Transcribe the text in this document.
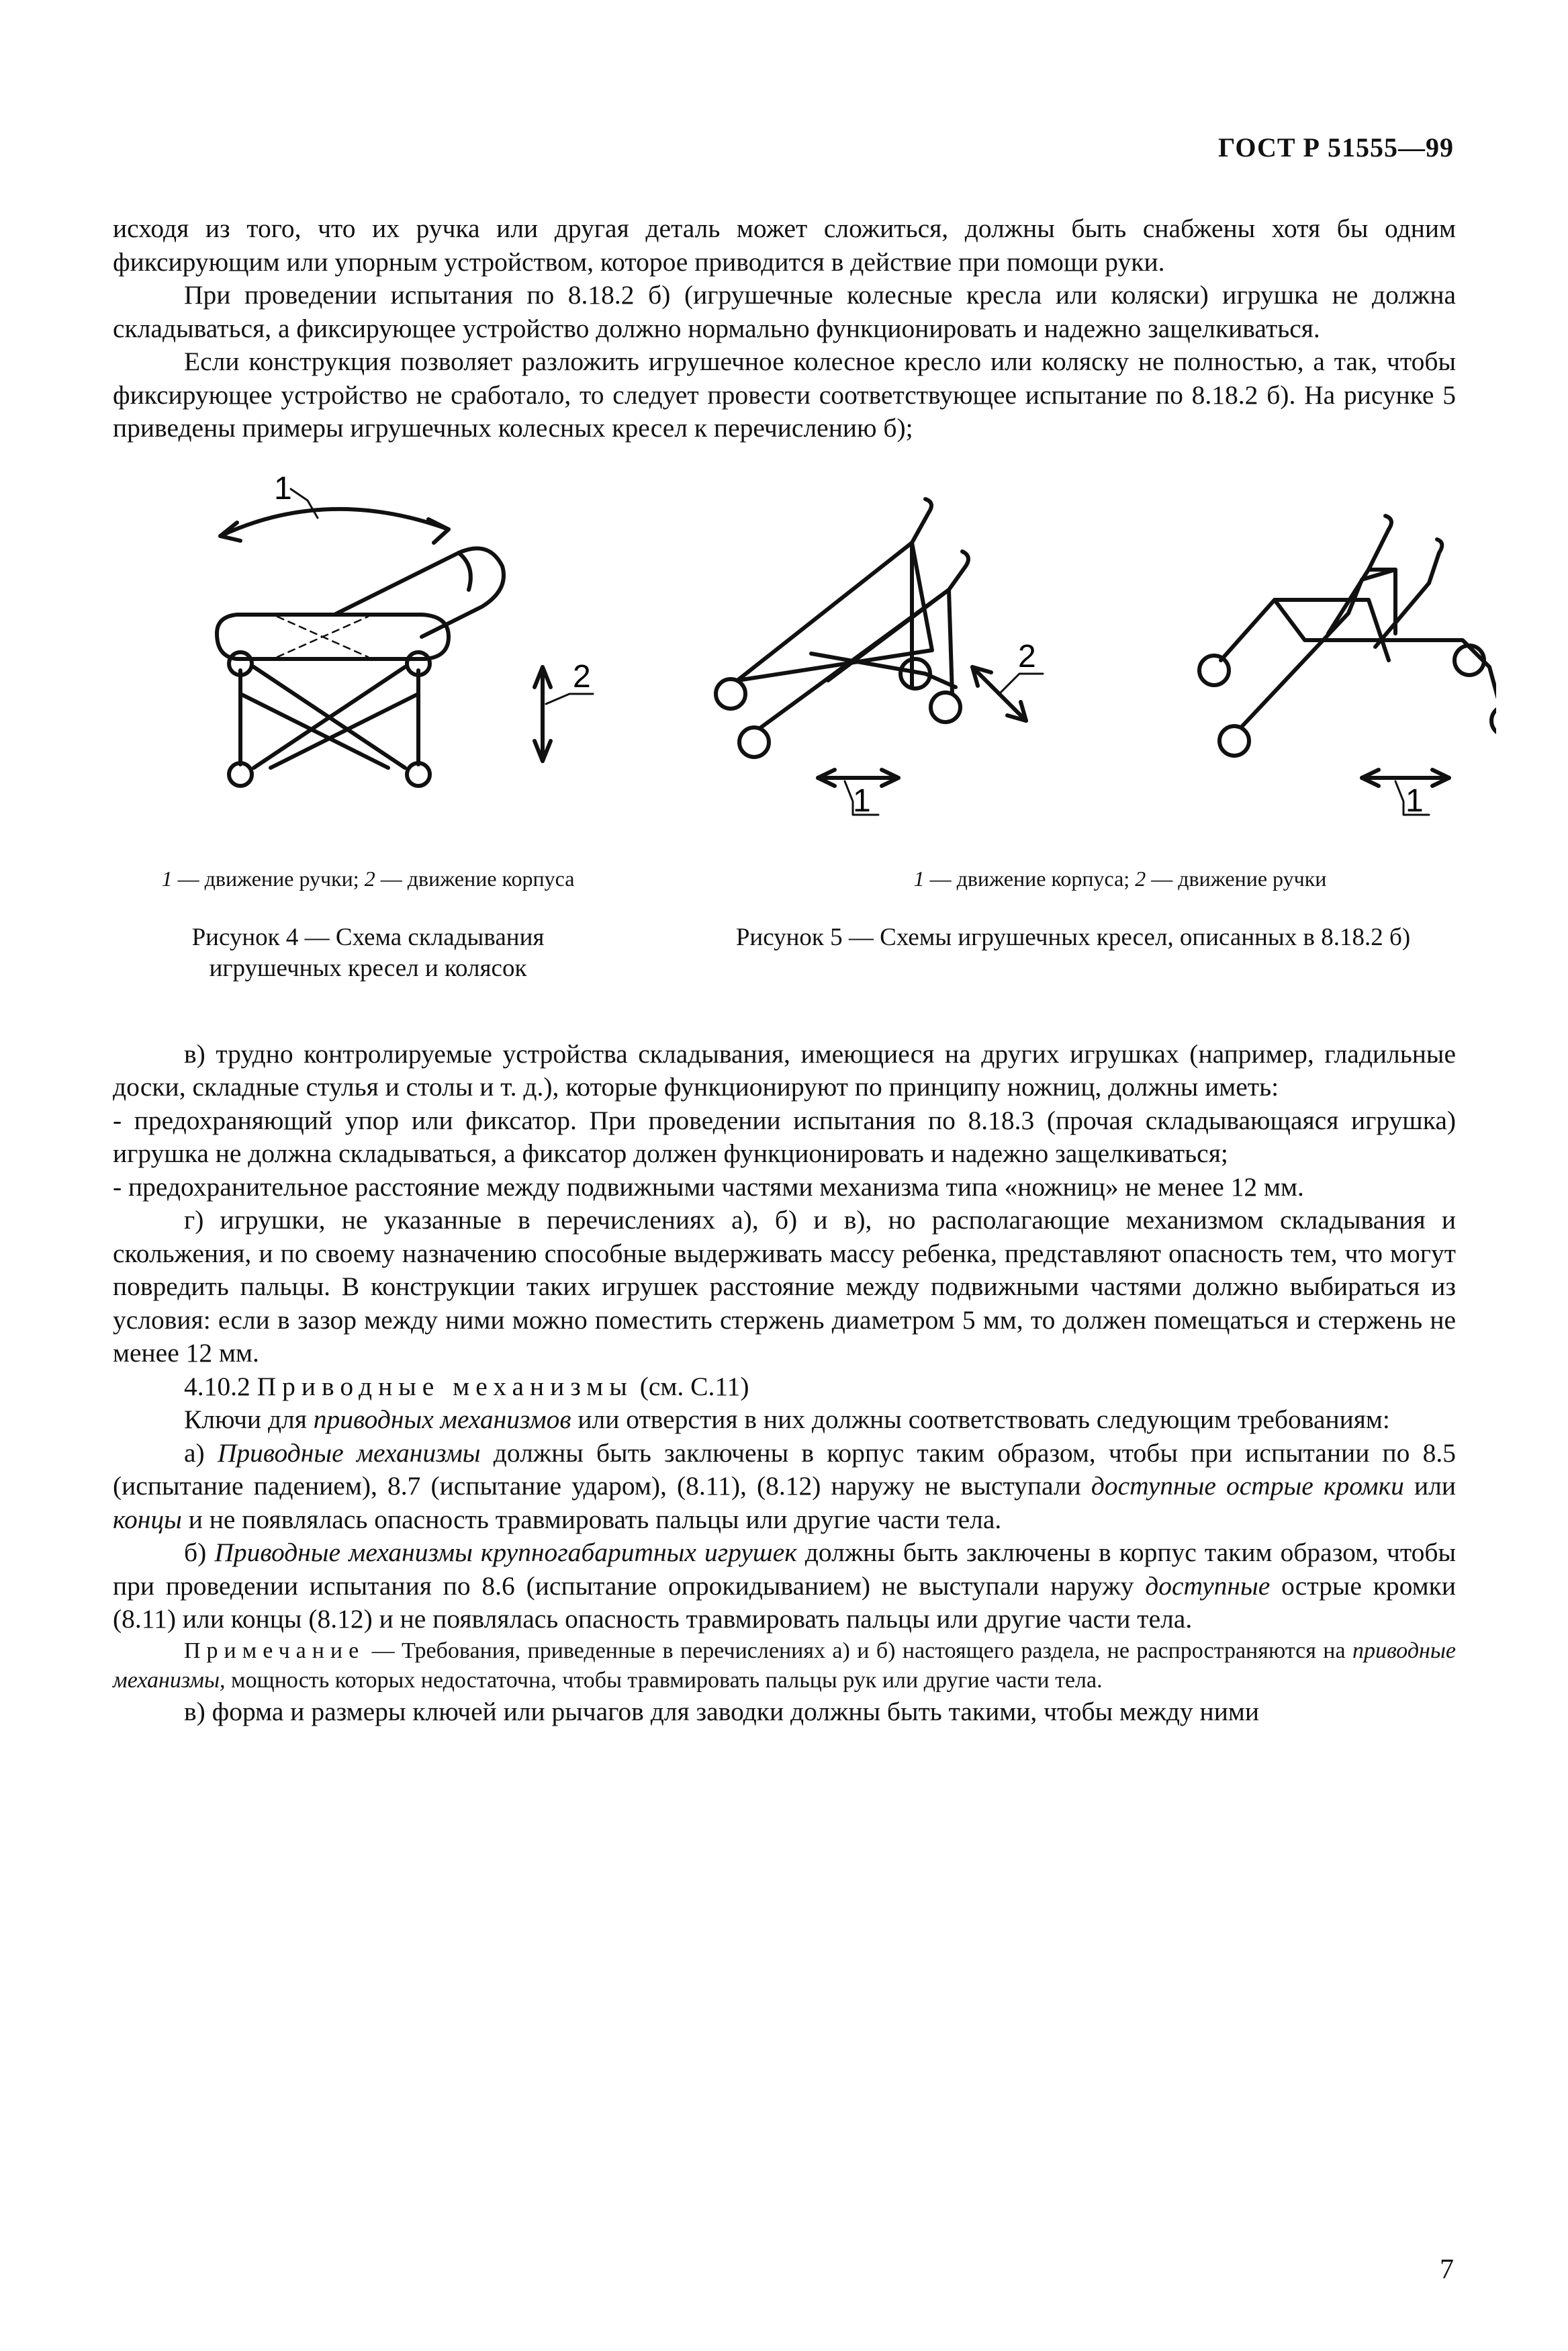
ГОСТ Р 51555—99

исходя из того, что их ручка или другая деталь может сложиться, должны быть снабжены хотя бы одним фиксирующим или упорным устройством, которое приводится в действие при помощи руки.

При проведении испытания по 8.18.2 б) (игрушечные колесные кресла или коляски) игрушка не должна складываться, а фиксирующее устройство должно нормально функционировать и надежно защелкиваться.

Если конструкция позволяет разложить игрушечное колесное кресло или коляску не полностью, а так, чтобы фиксирующее устройство не сработало, то следует провести соответствующее испытание по 8.18.2 б). На рисунке 5 приведены примеры игрушечных колесных кресел к перечислению б);

1
2
1
2
1
1 — движение ручки; 2 — движение корпуса	1 — движение корпуса; 2 — движение ручки
Рисунок 4 — Схема складывания игрушечных кресел и колясок
Рисунок 5 — Схемы игрушечных кресел, описанных в 8.18.2 б)

в) трудно контролируемые устройства складывания, имеющиеся на других игрушках (например, гладильные доски, складные стулья и столы и т. д.), которые функционируют по принципу ножниц, должны иметь:

- предохраняющий упор или фиксатор. При проведении испытания по 8.18.3 (прочая складывающаяся игрушка) игрушка не должна складываться, а фиксатор должен функционировать и надежно защелкиваться;

- предохранительное расстояние между подвижными частями механизма типа «ножниц» не менее 12 мм.

г) игрушки, не указанные в перечислениях а), б) и в), но располагающие механизмом складывания и скольжения, и по своему назначению способные выдерживать массу ребенка, представляют опасность тем, что могут повредить пальцы. В конструкции таких игрушек расстояние между подвижными частями должно выбираться из условия: если в зазор между ними можно поместить стержень диаметром 5 мм, то должен помещаться и стержень не менее 12 мм.

4.10.2 Приводные механизмы (см. С.11)

Ключи для приводных механизмов или отверстия в них должны соответствовать следующим требованиям:

а) Приводные механизмы должны быть заключены в корпус таким образом, чтобы при испытании по 8.5 (испытание падением), 8.7 (испытание ударом), (8.11), (8.12) наружу не выступали доступные острые кромки или концы и не появлялась опасность травмировать пальцы или другие части тела.

б) Приводные механизмы крупногабаритных игрушек должны быть заключены в корпус таким образом, чтобы при проведении испытания по 8.6 (испытание опрокидыванием) не выступали наружу доступные острые кромки (8.11) или концы (8.12) и не появлялась опасность травмировать пальцы или другие части тела.

Примечание — Требования, приведенные в перечислениях а) и б) настоящего раздела, не распространяются на приводные механизмы, мощность которых недостаточна, чтобы травмировать пальцы рук или другие части тела.

в) форма и размеры ключей или рычагов для заводки должны быть такими, чтобы между ними

7
